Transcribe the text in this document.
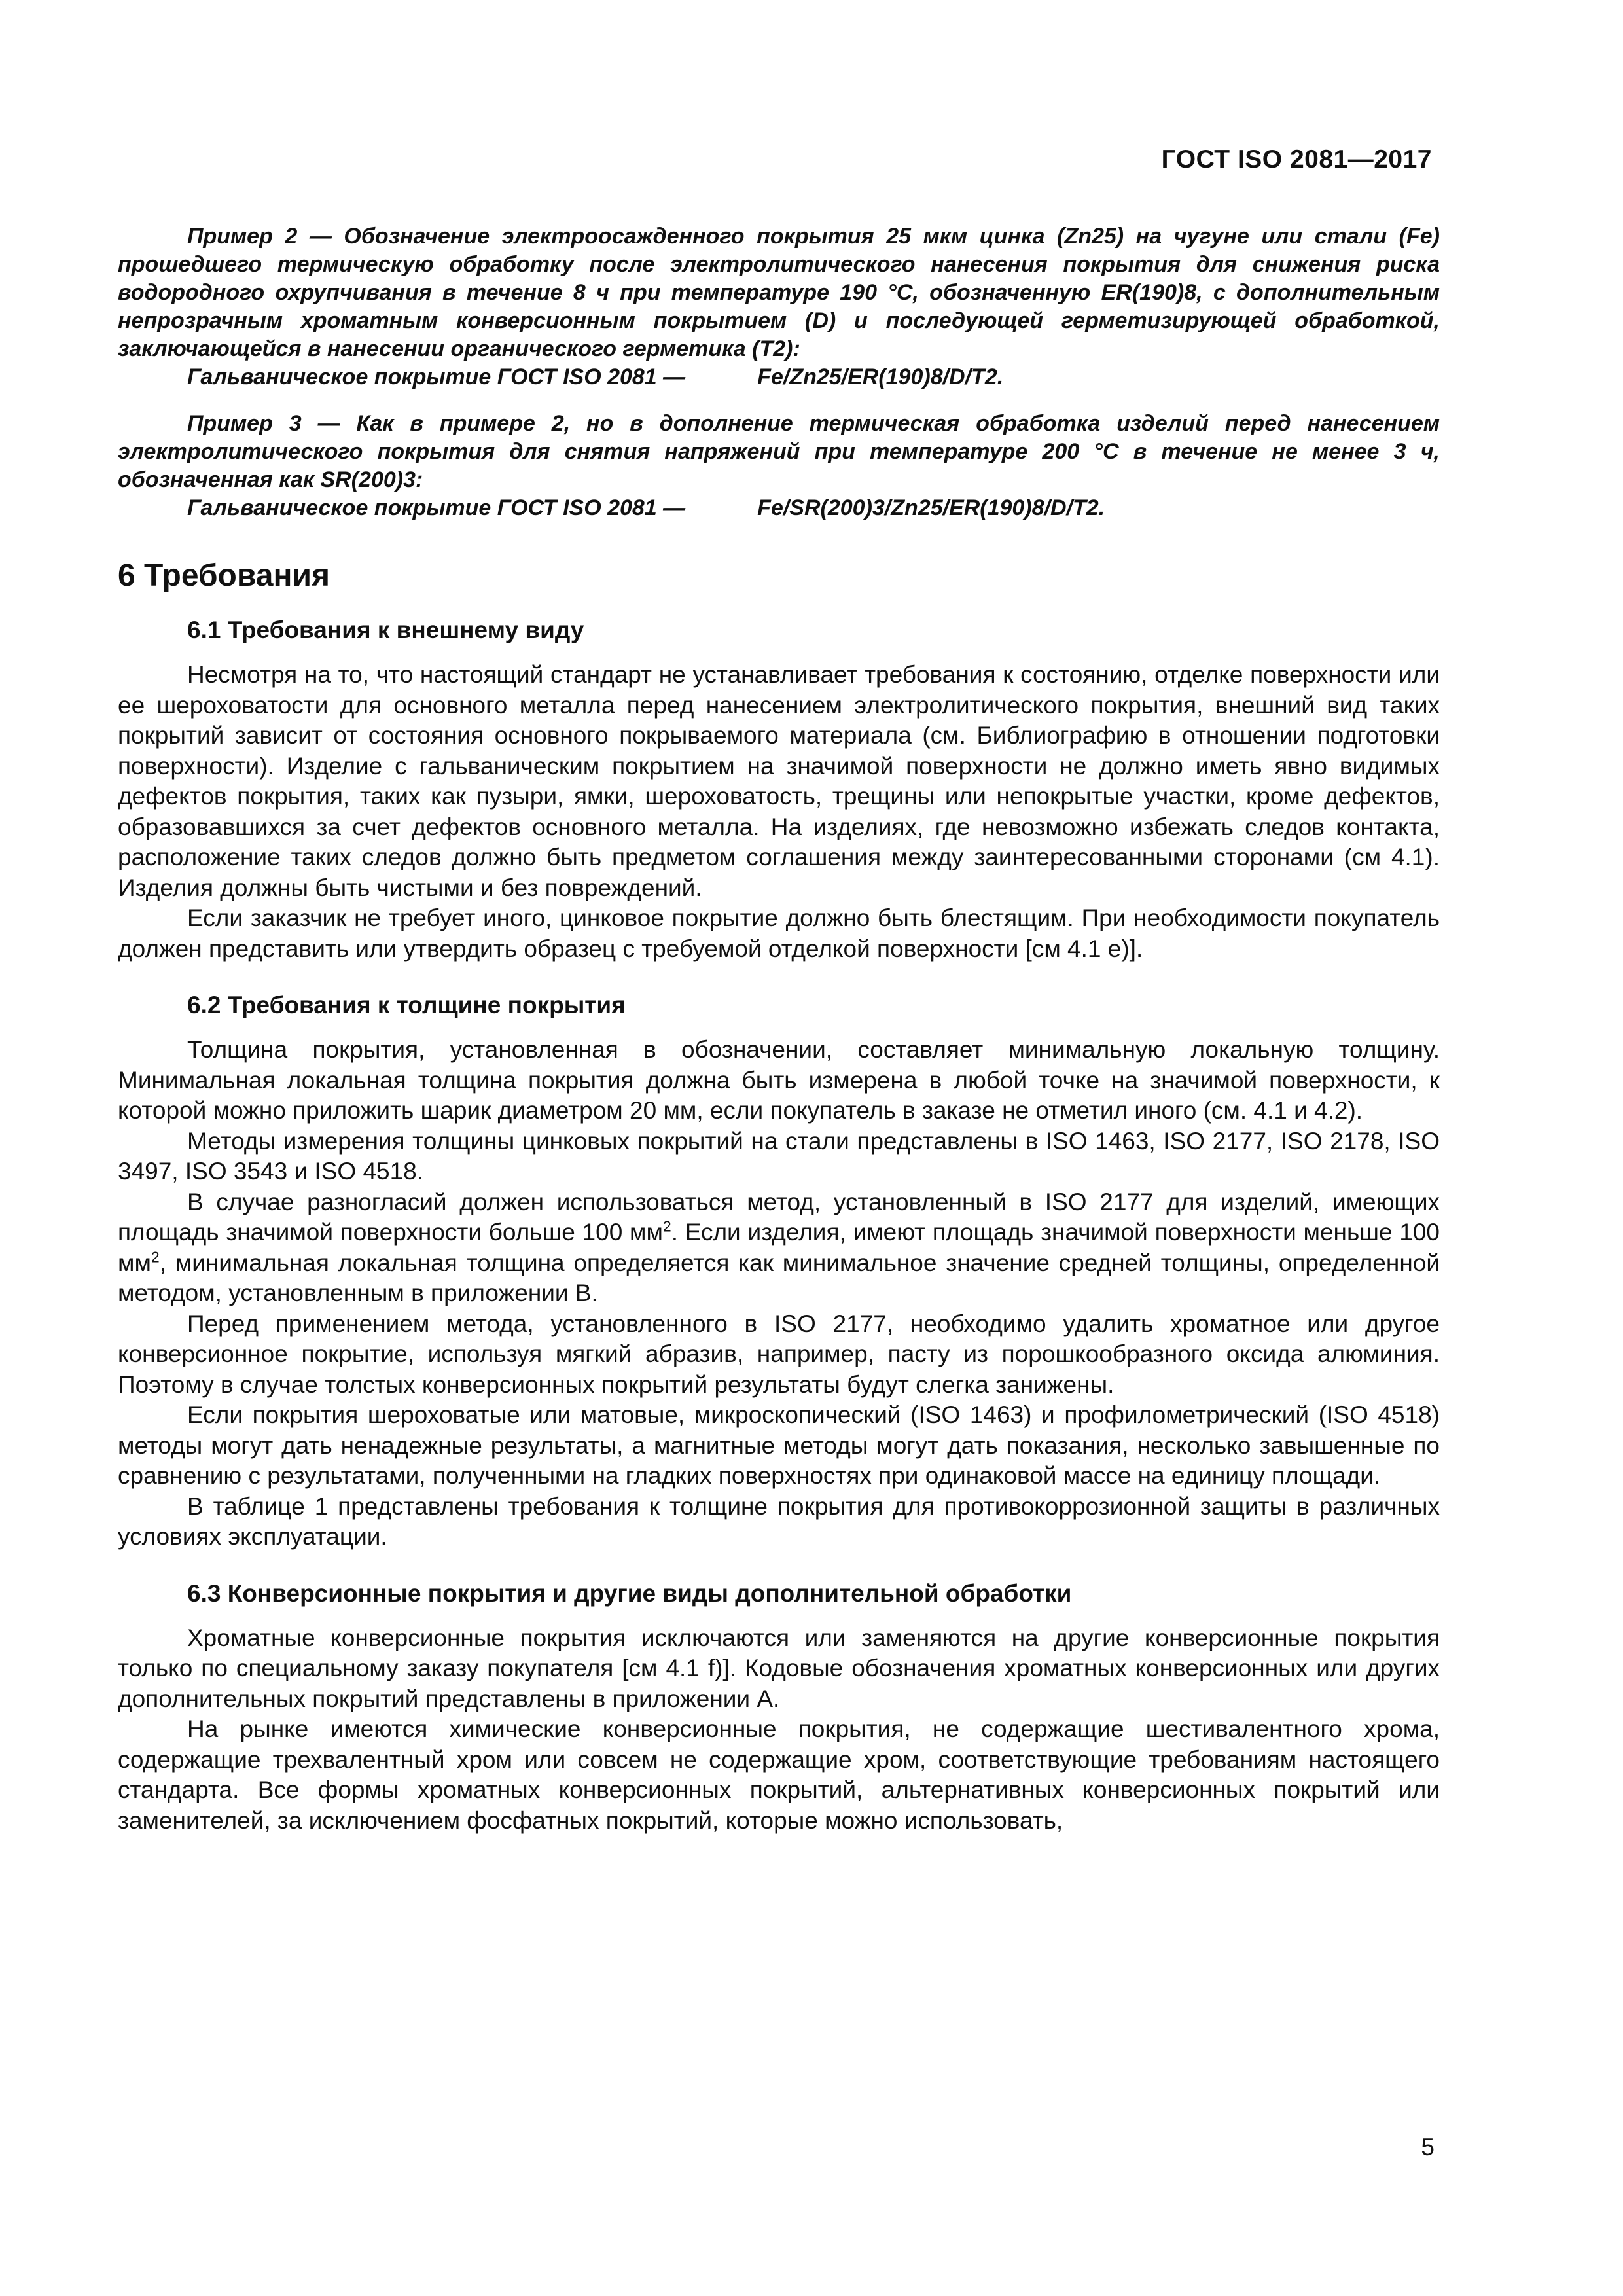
ГОСТ ISO 2081—2017

Пример 2 — Обозначение электроосажденного покрытия 25 мкм цинка (Zn25) на чугуне или стали (Fe) прошедшего термическую обработку после электролитического нанесения покрытия для снижения риска водородного охрупчивания в течение 8 ч при температуре 190 °С, обозначенную ER(190)8, с дополнительным непрозрачным хроматным конверсионным покрытием (D) и последующей герметизирующей обработкой, заключающейся в нанесении органического герметика (Т2):

Гальваническое покрытие ГОСТ ISO 2081 —	Fe/Zn25/ER(190)8/D/T2.

Пример 3 — Как в примере 2, но в дополнение термическая обработка изделий перед нанесением электролитического покрытия для снятия напряжений при температуре 200 °С в течение не менее 3 ч, обозначенная как SR(200)3:

Гальваническое покрытие ГОСТ ISO 2081 —	Fe/SR(200)3/Zn25/ER(190)8/D/T2.

6 Требования
6.1 Требования к внешнему виду

Несмотря на то, что настоящий стандарт не устанавливает требования к состоянию, отделке поверхности или ее шероховатости для основного металла перед нанесением электролитического покрытия, внешний вид таких покрытий зависит от состояния основного покрываемого материала (см. Библиографию в отношении подготовки поверхности). Изделие с гальваническим покрытием на значимой поверхности не должно иметь явно видимых дефектов покрытия, таких как пузыри, ямки, шероховатость, трещины или непокрытые участки, кроме дефектов, образовавшихся за счет дефектов основного металла. На изделиях, где невозможно избежать следов контакта, расположение таких следов должно быть предметом соглашения между заинтересованными сторонами (см 4.1). Изделия должны быть чистыми и без повреждений.

Если заказчик не требует иного, цинковое покрытие должно быть блестящим. При необходимости покупатель должен представить или утвердить образец с требуемой отделкой поверхности [см 4.1 e)].

6.2 Требования к толщине покрытия

Толщина покрытия, установленная в обозначении, составляет минимальную локальную толщину. Минимальная локальная толщина покрытия должна быть измерена в любой точке на значимой поверхности, к которой можно приложить шарик диаметром 20 мм, если покупатель в заказе не отметил иного (см. 4.1 и 4.2).

Методы измерения толщины цинковых покрытий на стали представлены в ISO 1463, ISO 2177, ISO 2178, ISO 3497, ISO 3543 и ISO 4518.

В случае разногласий должен использоваться метод, установленный в ISO 2177 для изделий, имеющих площадь значимой поверхности больше 100 $мм^2$. Если изделия, имеют площадь значимой поверхности меньше 100 $мм^2$, минимальная локальная толщина определяется как минимальное значение средней толщины, определенной методом, установленным в приложении В.

Перед применением метода, установленного в ISO 2177, необходимо удалить хроматное или другое конверсионное покрытие, используя мягкий абразив, например, пасту из порошкообразного оксида алюминия. Поэтому в случае толстых конверсионных покрытий результаты будут слегка занижены.

Если покрытия шероховатые или матовые, микроскопический (ISO 1463) и профилометрический (ISO 4518) методы могут дать ненадежные результаты, а магнитные методы могут дать показания, несколько завышенные по сравнению с результатами, полученными на гладких поверхностях при одинаковой массе на единицу площади.

В таблице 1 представлены требования к толщине покрытия для противокоррозионной защиты в различных условиях эксплуатации.

6.3 Конверсионные покрытия и другие виды дополнительной обработки

Хроматные конверсионные покрытия исключаются или заменяются на другие конверсионные покрытия только по специальному заказу покупателя [см 4.1 f)]. Кодовые обозначения хроматных конверсионных или других дополнительных покрытий представлены в приложении А.

На рынке имеются химические конверсионные покрытия, не содержащие шестивалентного хрома, содержащие трехвалентный хром или совсем не содержащие хром, соответствующие требованиям настоящего стандарта. Все формы хроматных конверсионных покрытий, альтернативных конверсионных покрытий или заменителей, за исключением фосфатных покрытий, которые можно использовать,

5
